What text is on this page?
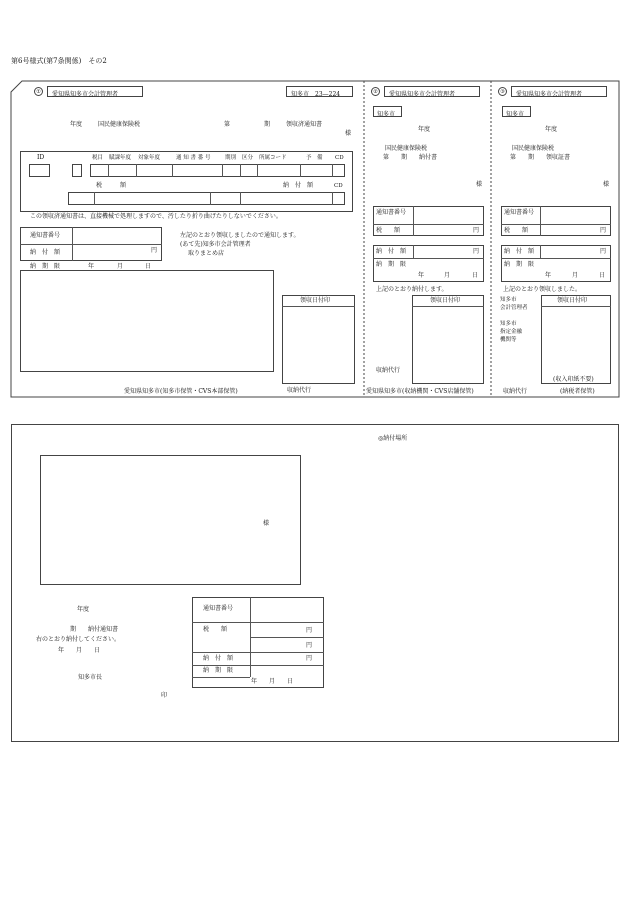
第6号様式(第7条関係)　その2
①	愛知県知多市会計管理者	知多市　23—224
年度	国民健康保険税	第	期	領収済通知書
様
ID	税目 賦課年度 対象年度	通 知 書 番 号	期別 区分 所属コード	予　備 CD
税　　　額	納　付　額	CD
この領収済通知書は、直接機械で処理しますので、汚したり折り曲げたりしないでください。
通知書番号
納　付　額	円
納　期　限	年	月	日
左記のとおり領収しましたので通知します。
(あて先)知多市会計管理者
取りまとめ店
領収日付印
収納代行
愛知県知多市(知多市保管・CVS本部保管)
②	愛知県知多市会計管理者
知多市
年度
国民健康保険税
第　　期　　納付書
様
通知書番号
税　　額	円
納　付　額	円
納　期　限
年	月	日
上記のとおり納付します。
領収日付印
収納代行
愛知県知多市(収納機関・CVS店舗保管)
③	愛知県知多市会計管理者
知多市
年度
国民健康保険税
第　　期　　領収証書
様
通知書番号
税　　額	円
納　付　額	円
納　期　限
年	月	日
上記のとおり領収しました。
知多市
会計管理者
知多市
指定金融
機関等
領収日付印
(収入印紙不要)
収納代行	(納税者保管)
◎納付場所
様
年度
期　　納付通知書
右のとおり納付してください。
年　　月　　日
知多市長
印
通知書番号
税　　額	円
円
納　付　額	円
納　期　限
年　　月　　日
